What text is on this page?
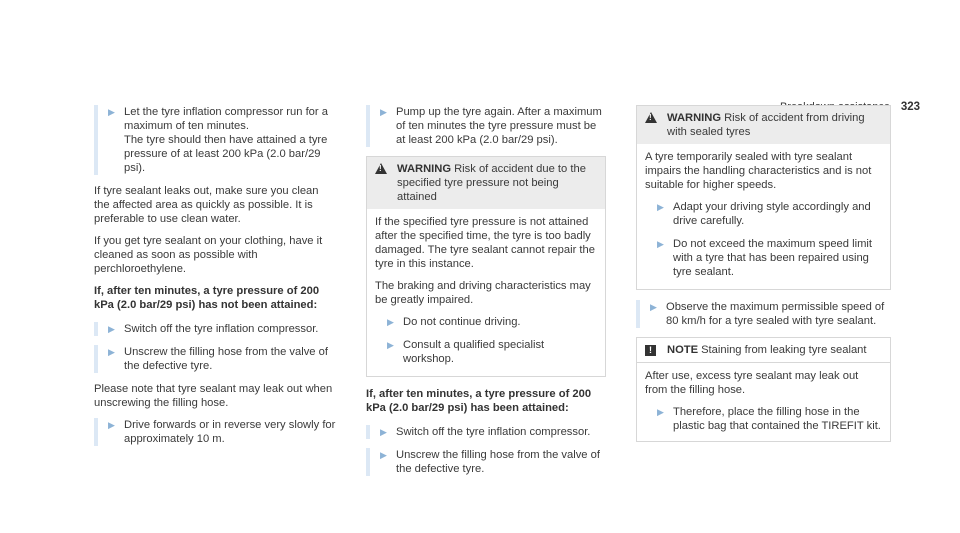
323
▶ Let the tyre inflation compressor run for a maximum of ten minutes.
The tyre should then have attained a tyre pressure of at least 200 kPa (2.0 bar/29 psi).

If tyre sealant leaks out, make sure you clean the affected area as quickly as possible. It is preferable to use clean water.

If you get tyre sealant on your clothing, have it cleaned as soon as possible with perchloroethylene.

If, after ten minutes, a tyre pressure of 200 kPa (2.0 bar/29 psi) has not been attained:

▶ Switch off the tyre inflation compressor.
▶ Unscrew the filling hose from the valve of the defective tyre.

Please note that tyre sealant may leak out when unscrewing the filling hose.

▶ Drive forwards or in reverse very slowly for approximately 10 m.
▶ Pump up the tyre again. After a maximum of ten minutes the tyre pressure must be at least 200 kPa (2.0 bar/29 psi).
!
WARNING Risk of accident due to the specified tyre pressure not being attained

If the specified tyre pressure is not attained after the specified time, the tyre is too badly damaged. The tyre sealant cannot repair the tyre in this instance.

The braking and driving characteristics may be greatly impaired.

▶ Do not continue driving.
▶ Consult a qualified specialist workshop.

If, after ten minutes, a tyre pressure of 200 kPa (2.0 bar/29 psi) has been attained:

▶ Switch off the tyre inflation compressor.
▶ Unscrew the filling hose from the valve of the defective tyre.
!
WARNING Risk of accident from driving with sealed tyres

A tyre temporarily sealed with tyre sealant impairs the handling characteristics and is not suitable for higher speeds.

▶ Adapt your driving style accordingly and drive carefully.
▶ Do not exceed the maximum speed limit with a tyre that has been repaired using tyre sealant.
▶ Observe the maximum permissible speed of 80 km/h for a tyre sealed with tyre sealant.
!	NOTE Staining from leaking tyre sealant

After use, excess tyre sealant may leak out from the filling hose.

▶ Therefore, place the filling hose in the plastic bag that contained the TIREFIT kit.
